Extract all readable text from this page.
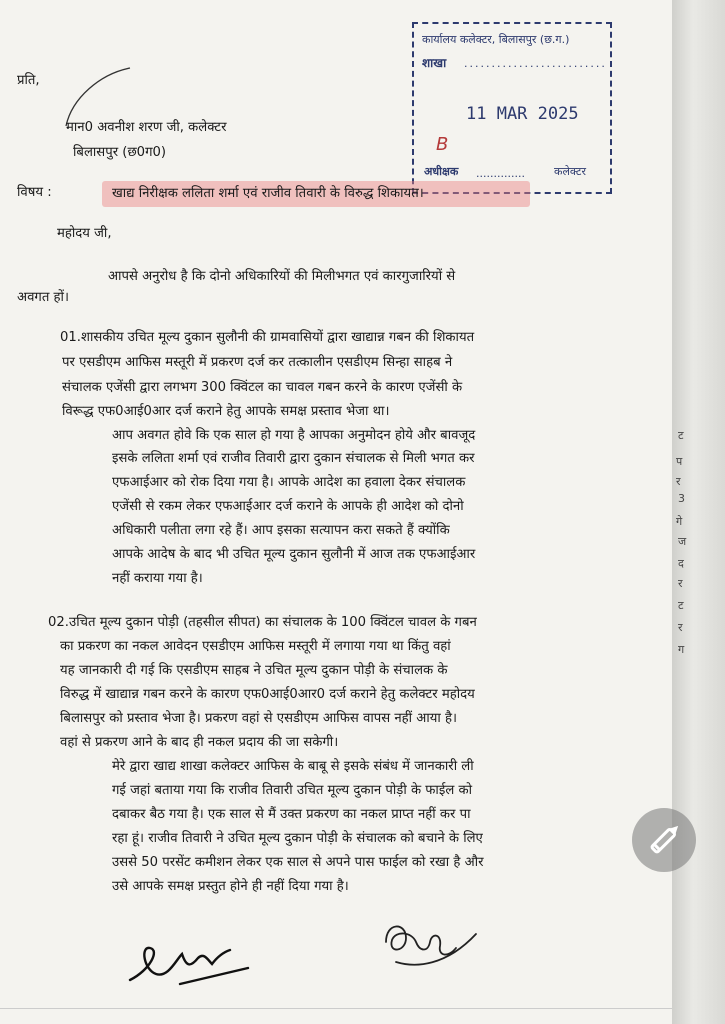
प्रति,
मान0 अवनीश शरण जी, कलेक्टर
बिलासपुर (छ0ग0)
कार्यालय कलेक्टर, बिलासपुर (छ.ग.)
शाखा ..........................
11 MAR 2025
B
अधीक्षक ..............	कलेक्टर
विषय :	खाद्य निरीक्षक ललिता शर्मा एवं राजीव तिवारी के विरुद्ध शिकायत।
महोदय जी,
आपसे अनुरोध है कि दोनो अधिकारियों की मिलीभगत एवं कारगुजारियों से
अवगत हों।
01.शासकीय उचित मूल्य दुकान सुलौनी की ग्रामवासियों द्वारा खाद्यान्न गबन की शिकायत
पर एसडीएम आफिस मस्तूरी में प्रकरण दर्ज कर तत्कालीन एसडीएम सिन्हा साहब ने
संचालक एजेंसी द्वारा लगभग 300 क्विंटल का चावल गबन करने के कारण एजेंसी के
विरूद्ध एफ0आई0आर दर्ज कराने हेतु आपके समक्ष प्रस्ताव भेजा था।
आप अवगत होवे कि एक साल हो गया है आपका अनुमोदन होये और बावजूद
इसके ललिता शर्मा एवं राजीव तिवारी द्वारा दुकान संचालक से मिली भगत कर
एफआईआर को रोक दिया गया है। आपके आदेश का हवाला देकर संचालक
एजेंसी से रकम लेकर एफआईआर दर्ज कराने के आपके ही आदेश को दोनो
अधिकारी पलीता लगा रहे हैं। आप इसका सत्यापन करा सकते हैं क्योंकि
आपके आदेष के बाद भी उचित मूल्य दुकान सुलौनी में आज तक एफआईआर
नहीं कराया गया है।
02.उचित मूल्य दुकान पोड़ी (तहसील सीपत) का संचालक के 100 क्विंटल चावल के गबन
का प्रकरण का नकल आवेदन एसडीएम आफिस मस्तूरी में लगाया गया था किंतु वहां
यह जानकारी दी गई कि एसडीएम साहब ने उचित मूल्य दुकान पोड़ी के संचालक के
विरुद्ध में खाद्यान्न गबन करने के कारण एफ0आई0आर0 दर्ज कराने हेतु कलेक्टर महोदय
बिलासपुर को प्रस्ताव भेजा है। प्रकरण वहां से एसडीएम आफिस वापस नहीं आया है।
वहां से प्रकरण आने के बाद ही नकल प्रदाय की जा सकेगी।
मेरे द्वारा खाद्य शाखा कलेक्टर आफिस के बाबू से इसके संबंध में जानकारी ली
गई जहां बताया गया कि राजीव तिवारी उचित मूल्य दुकान पोड़ी के फाईल को
दबाकर बैठ गया है। एक साल से मैं उक्त प्रकरण का नकल प्राप्त नहीं कर पा
रहा हूं। राजीव तिवारी ने उचित मूल्य दुकान पोड़ी के संचालक को बचाने के लिए
उससे 50 परसेंट कमीशन लेकर एक साल से अपने पास फाईल को रखा है और
उसे आपके समक्ष प्रस्तुत होने ही नहीं दिया गया है।
Dedit
श्री
ट
प
र
3
गे
ज
द
र
ट
र
ग
